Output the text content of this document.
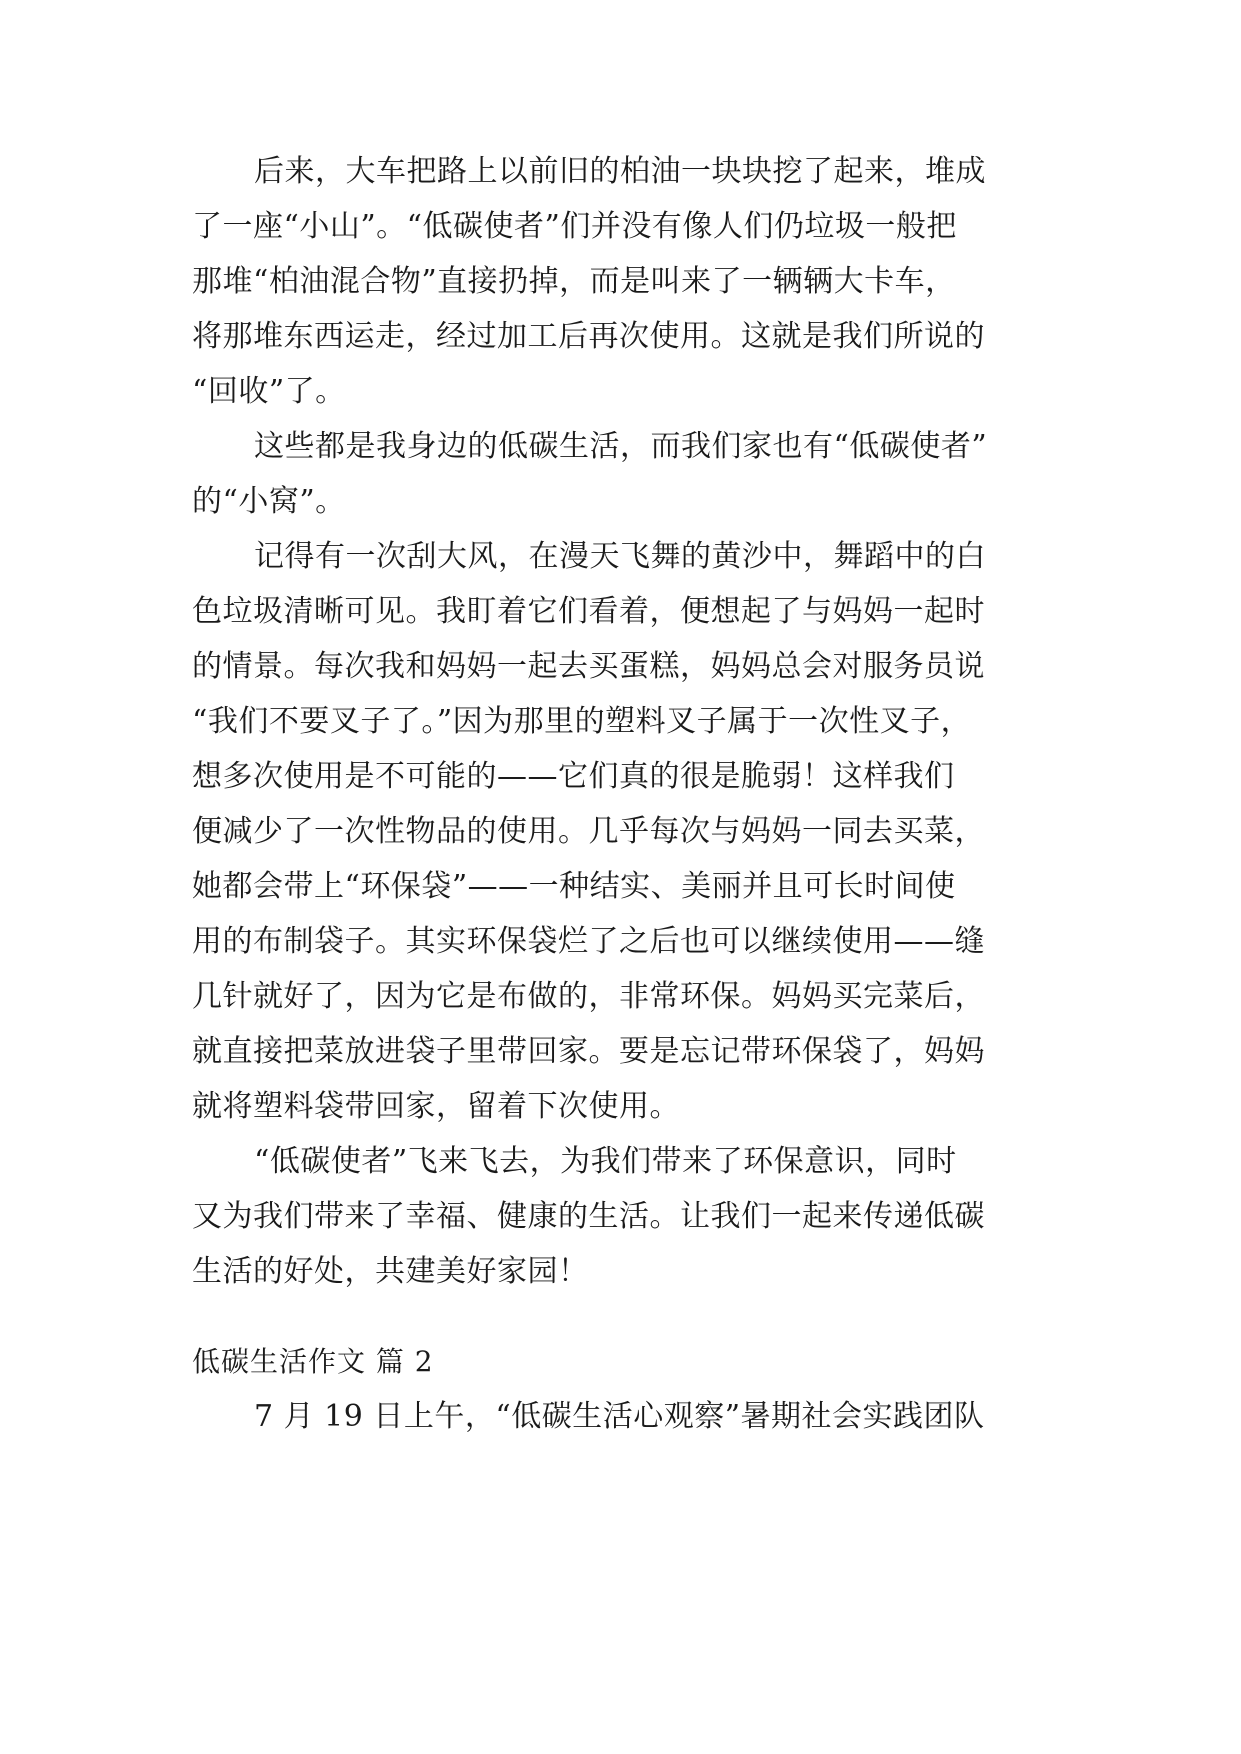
后来，大车把路上以前旧的柏油一块块挖了起来，堆成
了一座“小山”。“低碳使者”们并没有像人们仍垃圾一般把
那堆“柏油混合物”直接扔掉，而是叫来了一辆辆大卡车，
将那堆东西运走，经过加工后再次使用。这就是我们所说的
“回收”了。
这些都是我身边的低碳生活，而我们家也有“低碳使者”
的“小窝”。
记得有一次刮大风，在漫天飞舞的黄沙中，舞蹈中的白
色垃圾清晰可见。我盯着它们看着，便想起了与妈妈一起时
的情景。每次我和妈妈一起去买蛋糕，妈妈总会对服务员说
“我们不要叉子了。”因为那里的塑料叉子属于一次性叉子，
想多次使用是不可能的——它们真的很是脆弱！这样我们
便减少了一次性物品的使用。几乎每次与妈妈一同去买菜，
她都会带上“环保袋”——一种结实、美丽并且可长时间使
用的布制袋子。其实环保袋烂了之后也可以继续使用——缝
几针就好了，因为它是布做的，非常环保。妈妈买完菜后，
就直接把菜放进袋子里带回家。要是忘记带环保袋了，妈妈
就将塑料袋带回家，留着下次使用。
“低碳使者”飞来飞去，为我们带来了环保意识，同时
又为我们带来了幸福、健康的生活。让我们一起来传递低碳
生活的好处，共建美好家园！
低碳生活作文 篇 2
7 月 19 日上午，“低碳生活心观察”暑期社会实践团队
